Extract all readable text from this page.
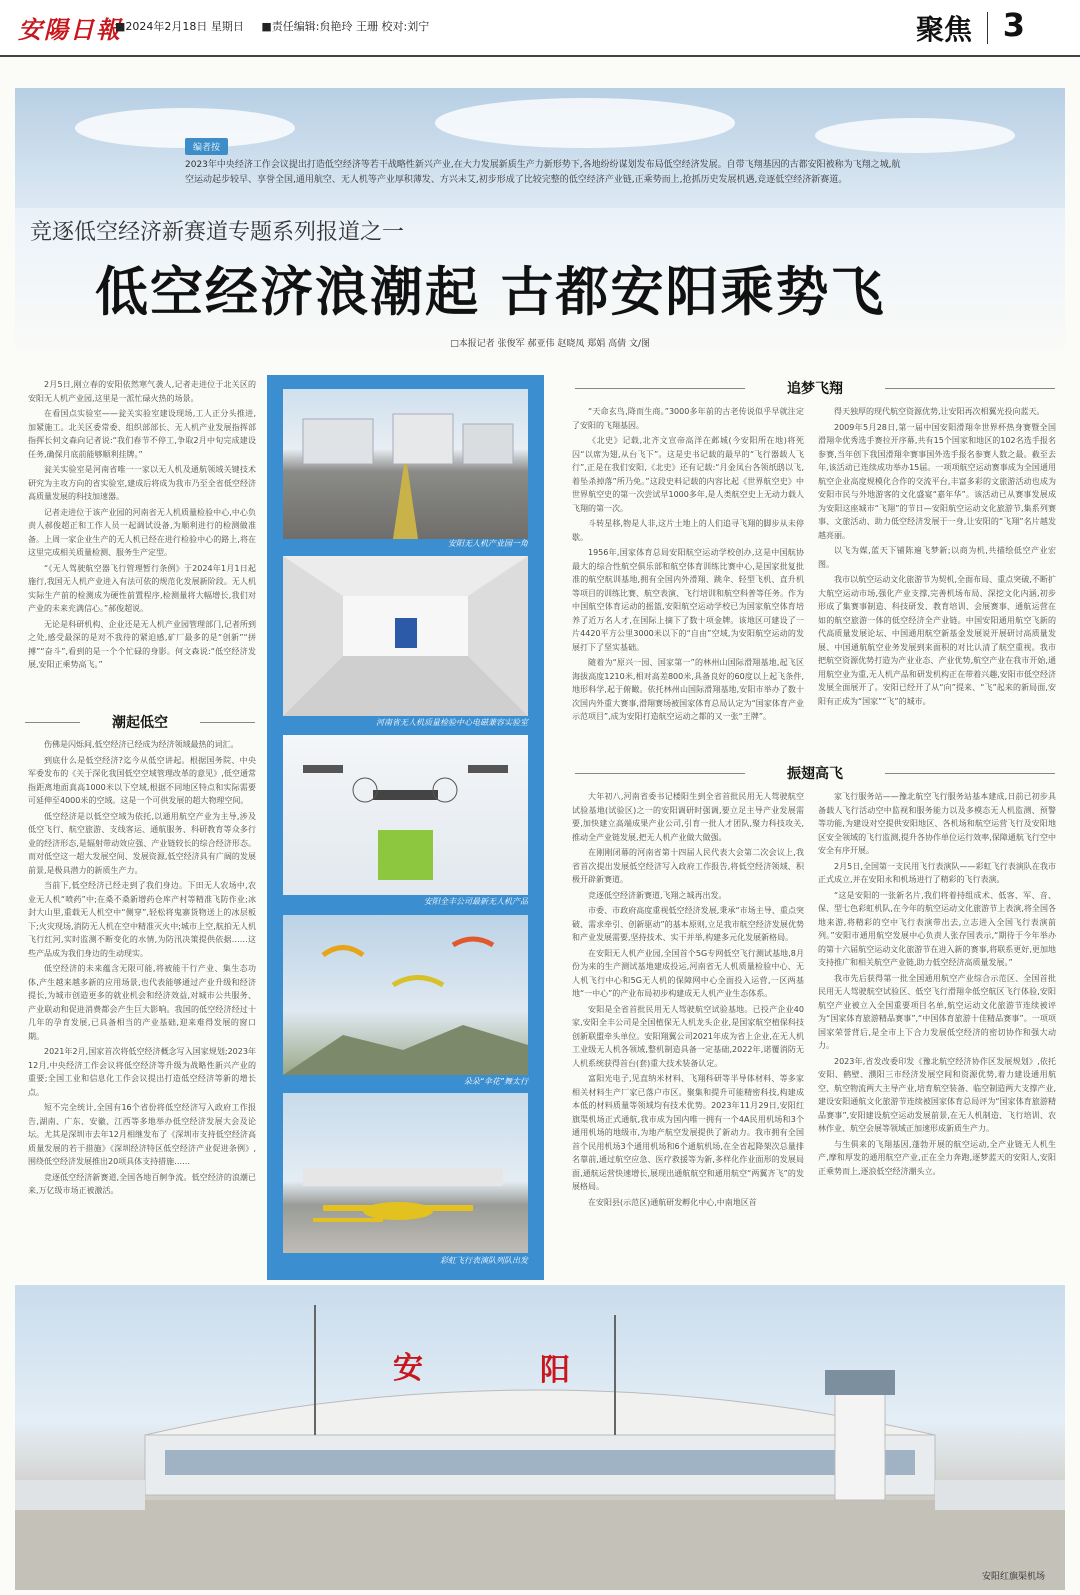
安陽日報
■2024年2月18日 星期日 ■责任编辑:贠艳玲 王珊 校对:刘宁	聚焦 3
编者按
2023年中央经济工作会议提出打造低空经济等若干战略性新兴产业,在大力发展新质生产力新形势下,各地纷纷谋划发布局低空经济发展。自带飞翔基因的古都安阳被称为飞翔之城,航空运动起步较早、享誉全国,通用航空、无人机等产业厚积薄发、方兴未艾,初步形成了比较完整的低空经济产业链,正乘势而上,抢抓历史发展机遇,竞逐低空经济新赛道。
竞逐低空经济新赛道专题系列报道之一
低空经济浪潮起 古都安阳乘势飞
□本报记者 张俊军 郝亚伟 赵晓凤 郑娟 高倩 文/图

2月5日,刚立春的安阳依然寒气袭人,记者走进位于北关区的安阳无人机产业园,这里是一派忙碌火热的场景。

在看国点实验室——瓮关实验室建设现场,工人正分头推进,加紧施工。北关区委常委、组织部部长、无人机产业发展指挥部指挥长何文森向记者说:“我们春节不停工,争取2月中旬完成建设任务,确保月底前能够顺利挂牌。”

瓮关实验室是河南省唯一一家以无人机及通航领域关键技术研究为主攻方向的省实验室,建成后将成为我市乃至全省低空经济高质量发展的科技加速器。

记者走进位于该产业园的河南省无人机质量检验中心,中心负责人郝俊超正和工作人员一起调试设备,为顺利进行的检测做准备。上周一家企业生产的无人机已经在进行检验中心的路上,将在这里完成相关质量检测、服务生产定型。

“《无人驾驶航空器飞行管理暂行条例》于2024年1月1日起施行,我国无人机产业进入有法可依的规范化发展新阶段。无人机实际生产前的检测成为硬性前置程序,检测量将大幅增长,我们对产业的未来充满信心。”郝俊超说。

无论是科研机构、企业还是无人机产业园管理部门,记者所到之处,感受最深的是对不我待的紧迫感,矿厂最多的是“创新”“拼搏”“奋斗”,看到的是一个个忙碌的身影。何文森说:“低空经济发展,安阳正乘势高飞。”

潮起低空

伤佛是闪烁间,低空经济已经成为经济领域最热的词汇。

到底什么是低空经济?迄今从低空讲起。根据国务院、中央军委发布的《关于深化我国低空空域管理改革的意见》,低空通常指距离地面真高1000米以下空域,根据不同地区特点和实际需要可延伸至4000米的空域。这是一个可供发展的超大物理空间。

低空经济是以低空空域为依托,以通用航空产业为主导,涉及低空飞行、航空旅游、支线客运、通航服务、科研教育等众多行业的经济形态,是辐射带动效应强、产业链较长的综合经济形态。而对低空这一超大发展空间、发展资源,低空经济具有广阔的发展前景,是极具潜力的新质生产力。

当前下,低空经济已经走到了我们身边。下田无人农场中,农业无人机“喷药”中;在桑不桑新增药仓库产村等精准飞防作业;冰封大山里,重载无人机空中“侧穿”,轻松将鬼寨货物送上的冰层板下;火灾现场,消防无人机在空中精准灭火中;城市上空,航拍无人机飞行红河,实时监测不断变化的水情,为防汛决策提供依据……这些产品成为我们身边的生动现实。

低空经济的未来蕴含无限可能,将被能干行产业、集生态功体,产生越来越多新的应用场景,也代表能够通过产业升级和经济提长,为城市创造更多的就业机会和经济效益,对城市公共服务、产业联动和促进消费都会产生巨大影响。我国的低空经济经过十几年的孕育发展,已具备相当的产业基础,迎来难得发展的窗口期。

2021年2月,国家首次将低空经济概念写入国家规划;2023年12月,中央经济工作会议将低空经济等升级为战略性新兴产业的重要;全国工业和信息化工作会议提出打造低空经济等新的增长点。

短不完全统计,全国有16个省份将低空经济写入政府工作报告,湖南、广东、安徽、江西等多地举办低空经济发展大会及论坛。尤其是深圳市去年12月相继发布了《深圳市支持低空经济高质量发展的若干措施》《深圳经济特区低空经济产业促进条例》,围绕低空经济发展推出20项具体支持措施……

竞逐低空经济新赛道,全国各地百舸争流。低空经济的浪潮已来,万亿级市场正被激活。

安阳无人机产业园一角
河南省无人机质量检验中心电磁兼容实验室
安阳全丰公司最新无人机产品
朵朵“伞花”舞太行
彩虹飞行表演队列队出发
追梦飞翔

“天命玄鸟,降而生商。”3000多年前的古老传说似乎早就注定了安阳的飞翔基因。

《北史》记载,北齐文宣帝高洋在邺城(今安阳所在地)将死囚“以席为翅,从台飞下”。这是史书记载的最早的“飞行器载人飞行”,正是在我们安阳,《北史》还有记载:“月金凤台各领纸鸱以飞,着坠杀掉落”所乃免。”这段史料记载的内容比起《世界航空史》中世界航空史的第一次尝试早1000多年,是人类航空史上无动力载人飞翔的第一次。

斗转星移,物是人非,这片土地上的人们追寻飞翔的脚步从未停歇。

1956年,国家体育总局安阳航空运动学校创办,这是中国航协最大的综合性航空俱乐部和航空体育训练比赛中心,是国家批复批准的航空航训基地,拥有全国内外滑翔、跳伞、轻型飞机、直升机等项目的训练比赛、航空表演、飞行培训和航空科普等任务。作为中国航空体育运动的摇篮,安阳航空运动学校已为国家航空体育培养了近万名人才,在国际上摘下了数十项金牌。该地区可建设了一片4420平方公里3000米以下的“自由”空域,为安阳航空运动的发展打下了坚实基础。

随着为“原兴一园、国家第一”的林州山国际滑翔基地,起飞区海拔高度1210米,相对高差800米,具备良好的60度以上起飞条件,地形科学,起于俯瞰。依托林州山国际滑翔基地,安阳市举办了数十次国内外重大赛事,滑翔赛场被国家体育总局认定为“国家体育产业示范项目”,成为安阳打造航空运动之都的又一张“王牌”。

得天独厚的现代航空资源优势,让安阳再次相翼光投向蓝天。

2009年5月28日,第一届中国安阳滑翔伞世界杯热身赛暨全国滑翔伞优秀选手赛拉开序幕,共有15个国家和地区的102名选手报名参赛,当年创下我国滑翔伞赛事国外选手报名参赛人数之最。截至去年,该活动已连续成功举办15届。一项项航空运动赛事成为全国通用航空企业高度规模化合作的交流平台,丰富多彩的文旅游活动也成为安阳市民与外地游客的文化盛宴“嘉年华”。该活动已从赛事发展成为安阳这座城市“飞翔”的节日—安阳航空运动文化旅游节,集系列赛事、文旅活动、助力低空经济发展于一身,让安阳的“飞翔”名片越发越亮丽。

以飞为媒,蓝天下铺陈遍飞梦新;以商为机,共描绘低空产业宏图。

我市以航空运动文化旅游节为契机,全面布局、重点突破,不断扩大航空运动市场,强化产业支撑,完善机场布局、深挖文化内涵,初步形成了集赛事制造、科技研发、教育培训、会展赛事、通航运营在如的航空旅游一体的低空经济全产业链。中国安阳通用航空飞新的代高质量发展论坛、中国通用航空新基金发展说开展研讨高质量发展、中国通航航空业务发展到来面积的对比认清了航空重视。我市把航空资源优势打造为产业业态、产业优势,航空产业在我市开始,通用航空业为重,无人机产品和研发机构正在带着兴趣,安阳市低空经济发展全面展开了。安阳已经开了从“向”提来、“飞”起来的新局面,安阳有正成为“国家”“飞”的城市。

振翅高飞

大年初八,河南省委书记楼阳生到全省首批民用无人驾驶航空试验基地(试验区)之一的安阳调研时强调,要立足主导产业发展需要,加快建立高端成果产业公司,引育一批人才团队,聚力科技攻关,推动全产业链发展,把无人机产业做大做强。

在刚刚闭幕的河南省第十四届人民代表大会第二次会议上,我省首次提出发展低空经济写入政府工作报告,将低空经济领域、积极开辟新赛道。

竞逐低空经济新赛道,飞翔之城再出发。

市委、市政府高度重视低空经济发展,秉承“市场主导、重点突破、需求牵引、创新驱动”的基本原则,立足我市航空经济发展优势和产业发展需要,坚持技术、实干并举,构建多元化发展新格局。

在安阳无人机产业园,全国首个5G专网低空飞行测试基地,8月份为来的生产测试基地建成投运,河南省无人机质量检验中心、无人机飞行中心和5G无人机的保障网中心全面投入运营,一区两基地“一中心”的产业布局初步构建成无人机产业生态体系。

安阳是全省首批民用无人驾驶航空试验基地。已投产企业40家,安阳全丰公司是全国植保无人机龙头企业,是国家航空植保科技创新联盟牵头单位。安阳翔翼公司2021年成为省上企业,在无人机工业级无人机各领域,整机制造具备一定基础,2022年,诺覆消防无人机系统获得首台(套)重大技术装备认定。

富阳光电子,见直纳米材料、飞翔科研等半导体材料、等多家相关材料生产厂家已落户市区。聚集和提升可能精密科技,构建成本低的材料质量等领域均有技术优势。2023年11月29日,安阳红旗渠机场正式通航,我市成为国内唯一拥有一个4A民用机场和3个通用机场的地级市,为地产航空发展提供了新动力。我市拥有全国首个民用机场3个通用机场和6个通航机场,在全省起降架次总量排名靠前,通过航空应急、医疗救援等为新,多样化作业面形的发展局面,通航运营快速增长,展现出通航航空和通用航空“两翼齐飞”的发展格局。

在安阳县(示范区)通航研发孵化中心,中南地区首

家飞行服务站——豫北航空飞行服务站基本建成,日前已初步具备载人飞行活动空中监视和服务能力以及多模态无人机监测、预警等功能,为建设对空提供安阳地区、各机场和航空运营飞行及安阳地区安全领域的飞行监测,提升各协作单位运行效率,保障通航飞行空中安全有序开展。

2月5日,全国第一支民用飞行表演队——彩虹飞行表演队在我市正式成立,并在安阳永和机场进行了精彩的飞行表演。

“这是安阳的一张新名片,我们将着持组成术、低客、军、音、保、型七色彩虹机队,在今年的航空运动文化旅游节上表演,将全国各地来游,将精彩的空中飞行表演带出去,立志进入全国飞行表演前列。”安阳市通用航空发展中心负责人张存国表示,“期待于今年举办的第十六届航空运动文化旅游节在进入新的赛事,将联系更好,更加地支持推广和相关航空产业链,助力低空经济高质量发展。”

我市先后获得第一批全国通用航空产业综合示范区、全国首批民用无人驾驶航空试验区、低空飞行滑翔伞低空航区飞行体验,安阳航空产业被立入全国重要项目名单,航空运动文化旅游节连续被评为“国家体育旅游精品赛事”,“中国体育旅游十佳精品赛事”。一项项国家荣誉背后,是全市上下合力发展低空经济的密切协作和强大动力。

2023年,省发改委印发《豫北航空经济协作区发展规划》,依托安阳、鹤壁、濮阳三市经济发展空间和资源优势,着力建设通用航空、航空物流两大主导产业,培育航空装备、临空制造两大支撑产业,建设安阳通航文化旅游节连续被国家体育总局评为“国家体育旅游精品赛事”,安阳建设航空运动发展前景,在无人机制造、飞行培训、农林作业、航空会展等领域正加速形成新质生产力。

与生俱来的飞翔基因,蓬勃开展的航空运动,全产业链无人机生产,摩和厚发的通用航空产业,正在全力奔跑,逐梦蓝天的安阳人,安阳正乘势而上,逐浪低空经济潮头立。

安	阳
安阳红旗渠机场
